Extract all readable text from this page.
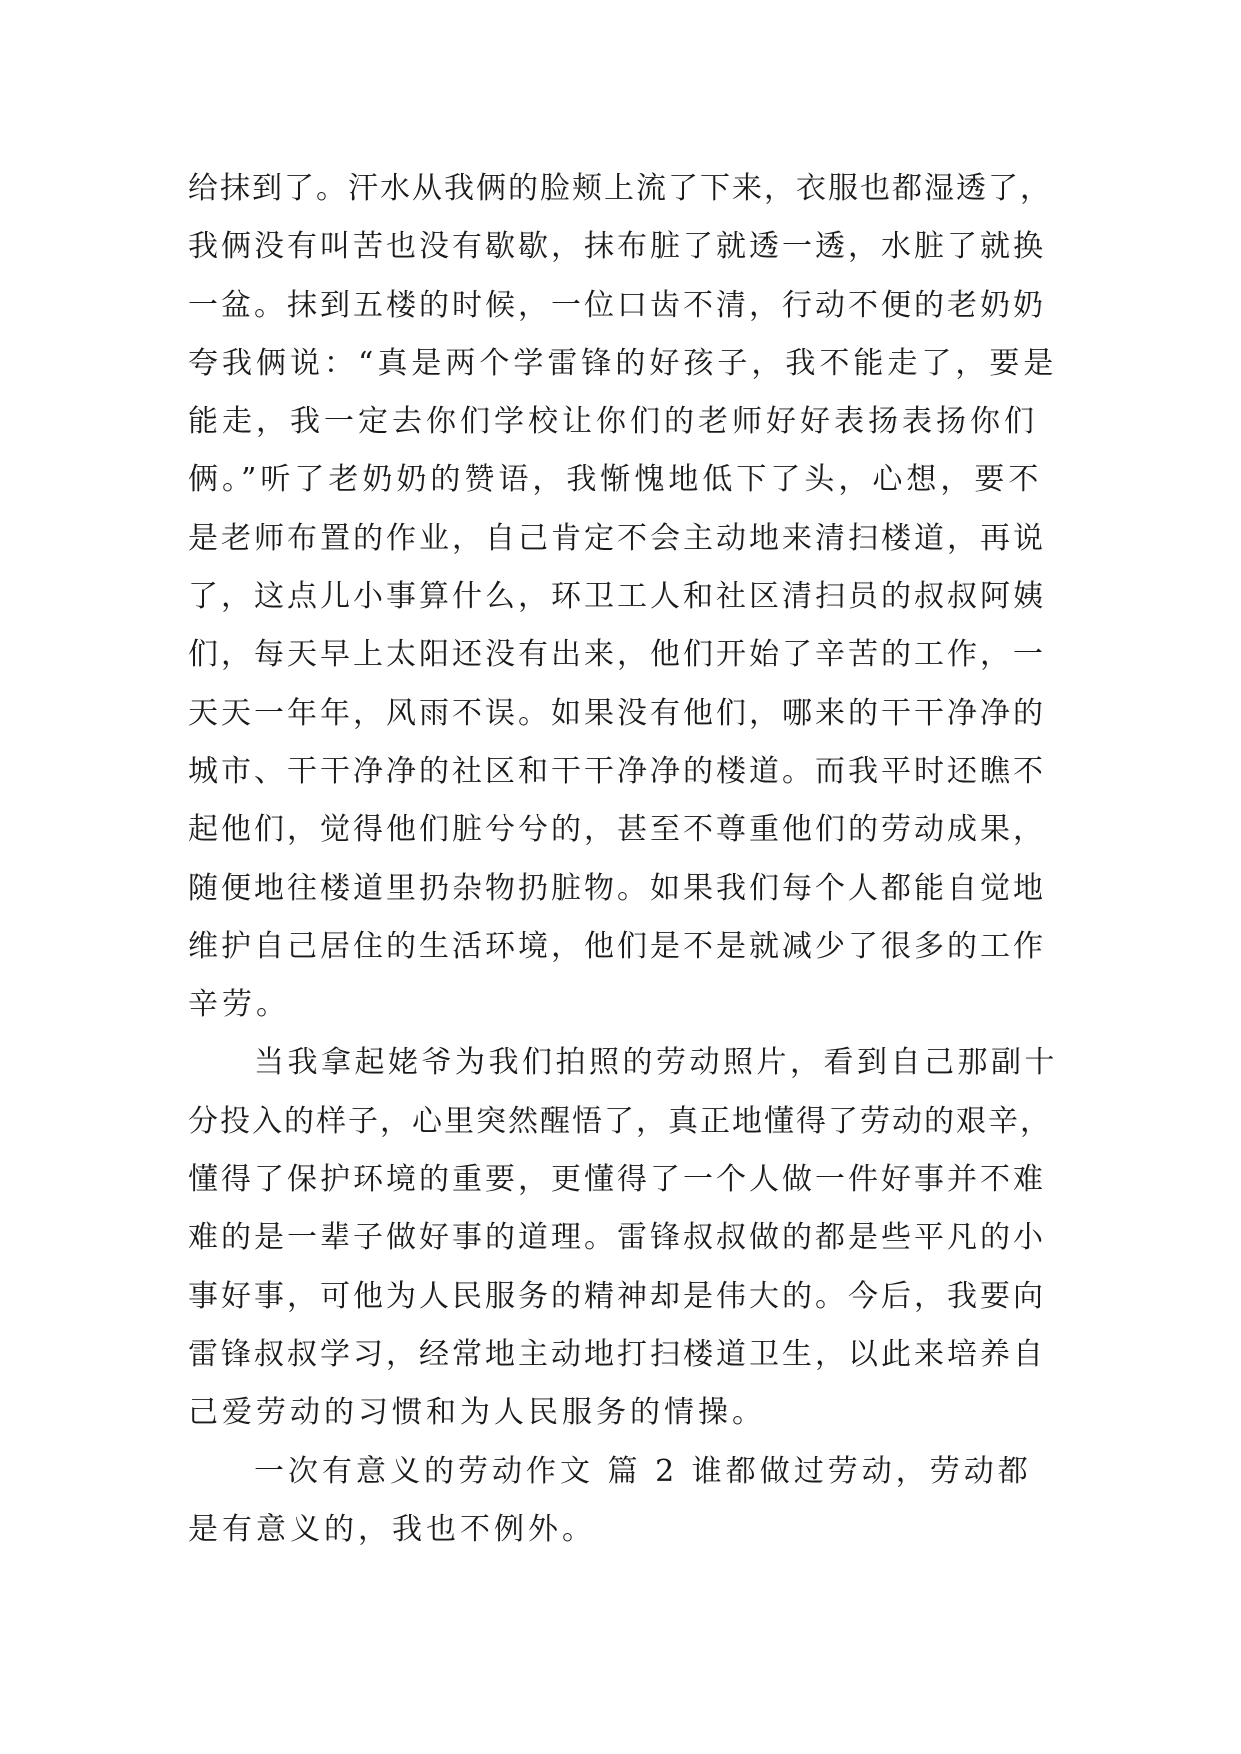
给抹到了。汗水从我俩的脸颊上流了下来，衣服也都湿透了，
我俩没有叫苦也没有歇歇，抹布脏了就透一透，水脏了就换
一盆。抹到五楼的时候，一位口齿不清，行动不便的老奶奶
夸我俩说：“真是两个学雷锋的好孩子，我不能走了，要是
能走，我一定去你们学校让你们的老师好好表扬表扬你们
俩。”听了老奶奶的赞语，我惭愧地低下了头，心想，要不
是老师布置的作业，自己肯定不会主动地来清扫楼道，再说
了，这点儿小事算什么，环卫工人和社区清扫员的叔叔阿姨
们，每天早上太阳还没有出来，他们开始了辛苦的工作，一
天天一年年，风雨不误。如果没有他们，哪来的干干净净的
城市、干干净净的社区和干干净净的楼道。而我平时还瞧不
起他们，觉得他们脏兮兮的，甚至不尊重他们的劳动成果，
随便地往楼道里扔杂物扔脏物。如果我们每个人都能自觉地
维护自己居住的生活环境，他们是不是就减少了很多的工作
辛劳。
当我拿起姥爷为我们拍照的劳动照片，看到自己那副十
分投入的样子，心里突然醒悟了，真正地懂得了劳动的艰辛，
懂得了保护环境的重要，更懂得了一个人做一件好事并不难
难的是一辈子做好事的道理。雷锋叔叔做的都是些平凡的小
事好事，可他为人民服务的精神却是伟大的。今后，我要向
雷锋叔叔学习，经常地主动地打扫楼道卫生，以此来培养自
己爱劳动的习惯和为人民服务的情操。
一次有意义的劳动作文 篇 2 谁都做过劳动，劳动都
是有意义的，我也不例外。
